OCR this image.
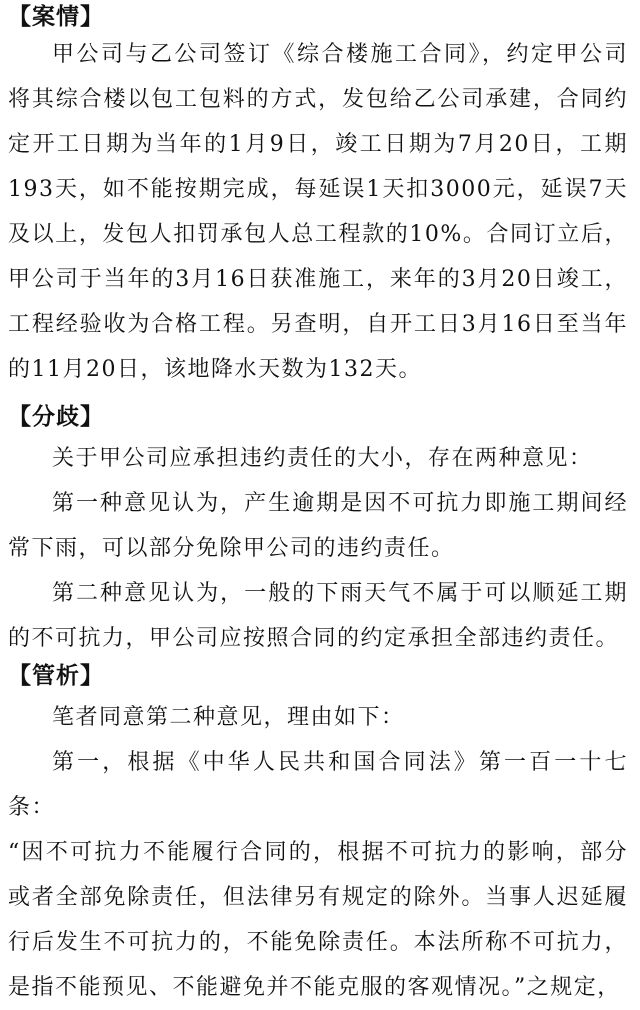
【案情】

甲公司与乙公司签订《综合楼施工合同》，约定甲公司将其综合楼以包工包料的方式，发包给乙公司承建，合同约定开工日期为当年的1月9日，竣工日期为7月20日，工期193天，如不能按期完成，每延误1天扣3000元，延误7天及以上，发包人扣罚承包人总工程款的10%。合同订立后，甲公司于当年的3月16日获准施工，来年的3月20日竣工，工程经验收为合格工程。另查明，自开工日3月16日至当年的11月20日，该地降水天数为132天。

【分歧】

关于甲公司应承担违约责任的大小，存在两种意见：

第一种意见认为，产生逾期是因不可抗力即施工期间经常下雨，可以部分免除甲公司的违约责任。

第二种意见认为，一般的下雨天气不属于可以顺延工期的不可抗力，甲公司应按照合同的约定承担全部违约责任。

【管析】

笔者同意第二种意见，理由如下：

第一，根据《中华人民共和国合同法》第一百一十七条：

“因不可抗力不能履行合同的，根据不可抗力的影响，部分或者全部免除责任，但法律另有规定的除外。当事人迟延履行后发生不可抗力的，不能免除责任。本法所称不可抗力，是指不能预见、不能避免并不能克服的客观情况。”之规定，
